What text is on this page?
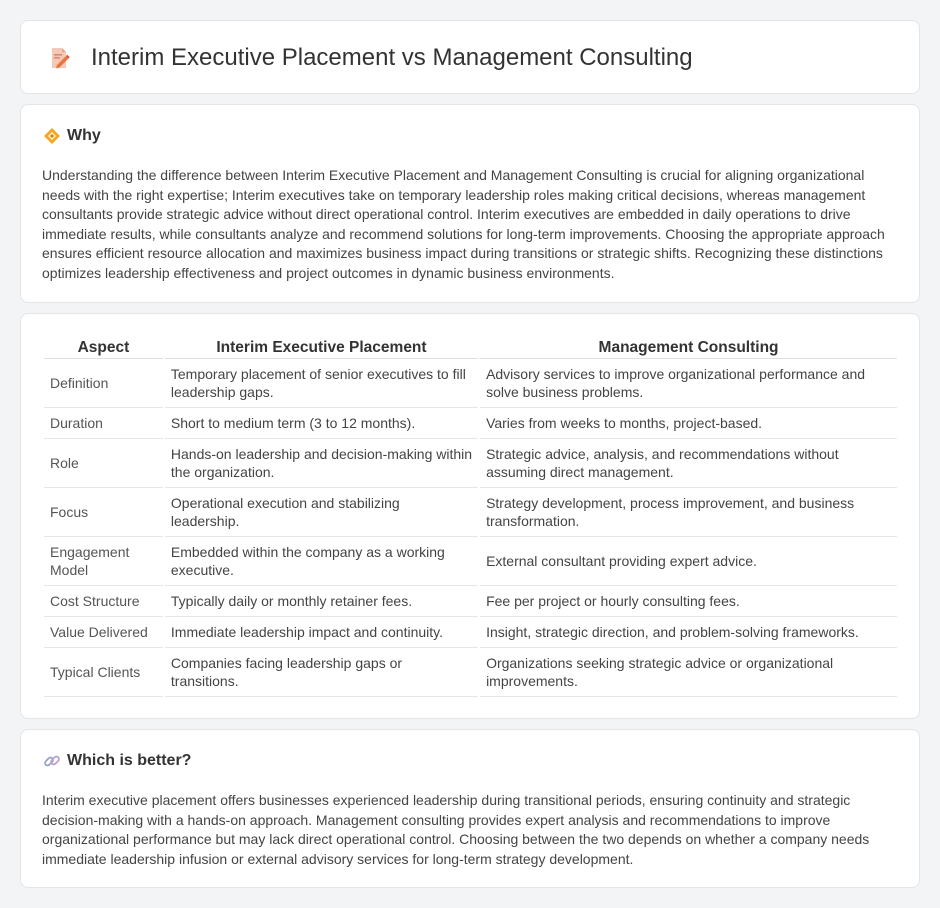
Interim Executive Placement vs Management Consulting
Why

Understanding the difference between Interim Executive Placement and Management Consulting is crucial for aligning organizational needs with the right expertise; Interim executives take on temporary leadership roles making critical decisions, whereas management consultants provide strategic advice without direct operational control. Interim executives are embedded in daily operations to drive immediate results, while consultants analyze and recommend solutions for long-term improvements. Choosing the appropriate approach ensures efficient resource allocation and maximizes business impact during transitions or strategic shifts. Recognizing these distinctions optimizes leadership effectiveness and project outcomes in dynamic business environments.

Aspect	Interim Executive Placement	Management Consulting
Definition	Temporary placement of senior executives to fill leadership gaps.	Advisory services to improve organizational performance and solve business problems.
Duration	Short to medium term (3 to 12 months).	Varies from weeks to months, project-based.
Role	Hands-on leadership and decision-making within the organization.	Strategic advice, analysis, and recommendations without assuming direct management.
Focus	Operational execution and stabilizing leadership.	Strategy development, process improvement, and business transformation.
Engagement Model	Embedded within the company as a working executive.	External consultant providing expert advice.
Cost Structure	Typically daily or monthly retainer fees.	Fee per project or hourly consulting fees.
Value Delivered	Immediate leadership impact and continuity.	Insight, strategic direction, and problem-solving frameworks.
Typical Clients	Companies facing leadership gaps or transitions.	Organizations seeking strategic advice or organizational improvements.
Which is better?

Interim executive placement offers businesses experienced leadership during transitional periods, ensuring continuity and strategic decision-making with a hands-on approach. Management consulting provides expert analysis and recommendations to improve organizational performance but may lack direct operational control. Choosing between the two depends on whether a company needs immediate leadership infusion or external advisory services for long-term strategy development.
